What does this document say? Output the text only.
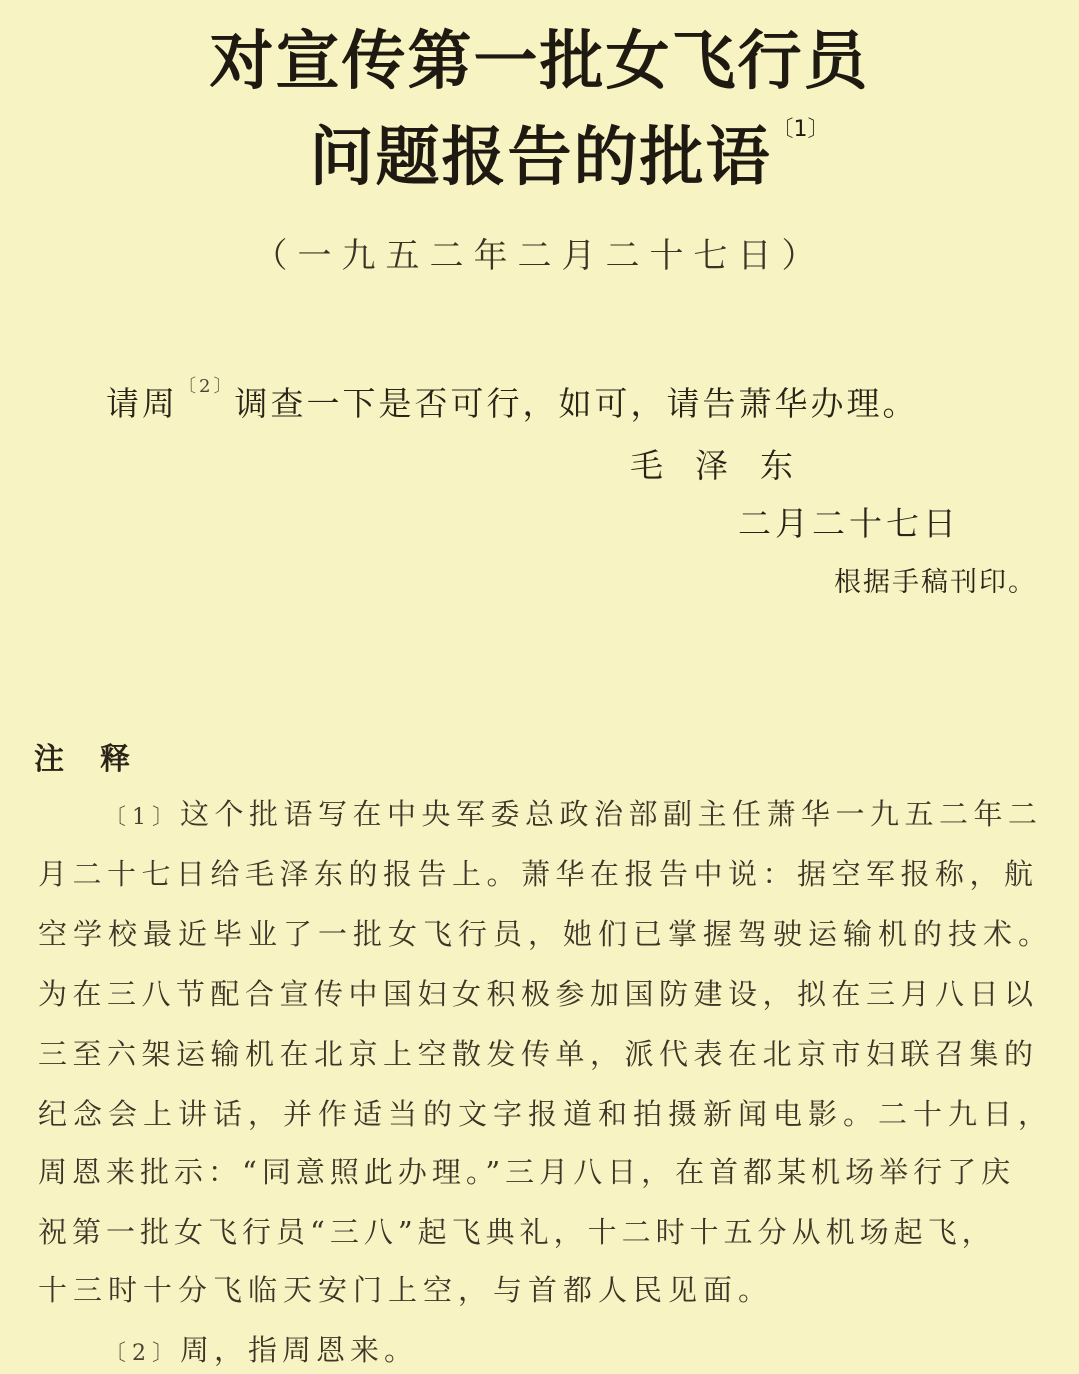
对宣传第一批女飞行员
问题报告的批语$^{〔1〕}$
（一九五二年二月二十七日）
请周$^{〔2〕}$调查一下是否可行，如可，请告萧华办理。
毛泽东
二月二十七日
根据手稿刊印。
注释
〔1〕这个批语写在中央军委总政治部副主任萧华一九五二年二
月二十七日给毛泽东的报告上。萧华在报告中说：据空军报称，航
空学校最近毕业了一批女飞行员，她们已掌握驾驶运输机的技术。
为在三八节配合宣传中国妇女积极参加国防建设，拟在三月八日以
三至六架运输机在北京上空散发传单，派代表在北京市妇联召集的
纪念会上讲话，并作适当的文字报道和拍摄新闻电影。二十九日，
周恩来批示：“同意照此办理。”三月八日，在首都某机场举行了庆
祝第一批女飞行员“三八”起飞典礼，十二时十五分从机场起飞，
十三时十分飞临天安门上空，与首都人民见面。
〔2〕周，指周恩来。
